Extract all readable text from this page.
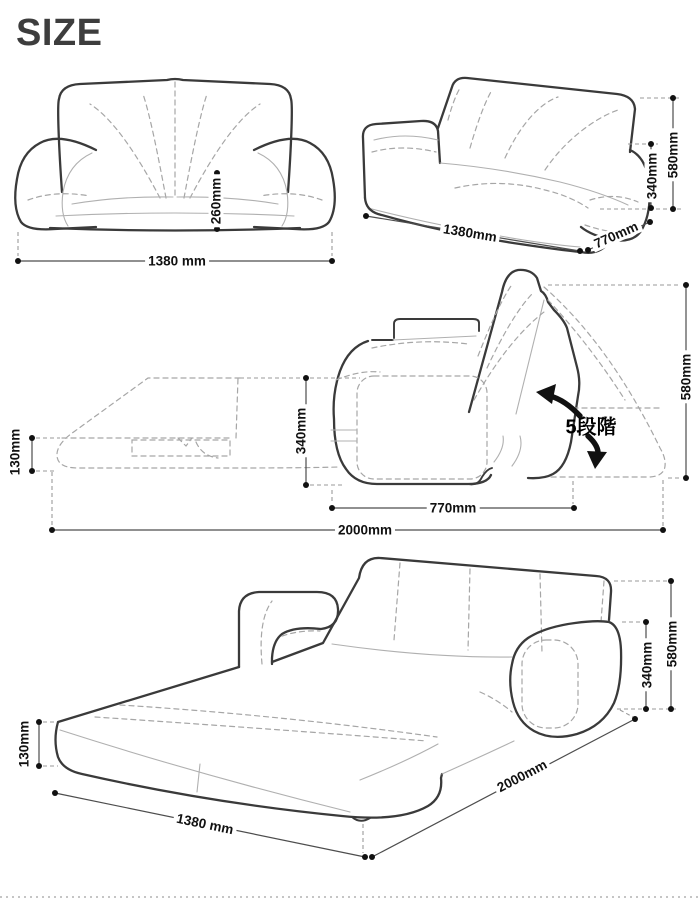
SIZE
260mm
1380 mm
1380mm	770mm
340mm 580mm
130mm	340mm
770mm
2000mm
580mm
5段階
130mm
1380 mm
2000mm
340mm 580mm
